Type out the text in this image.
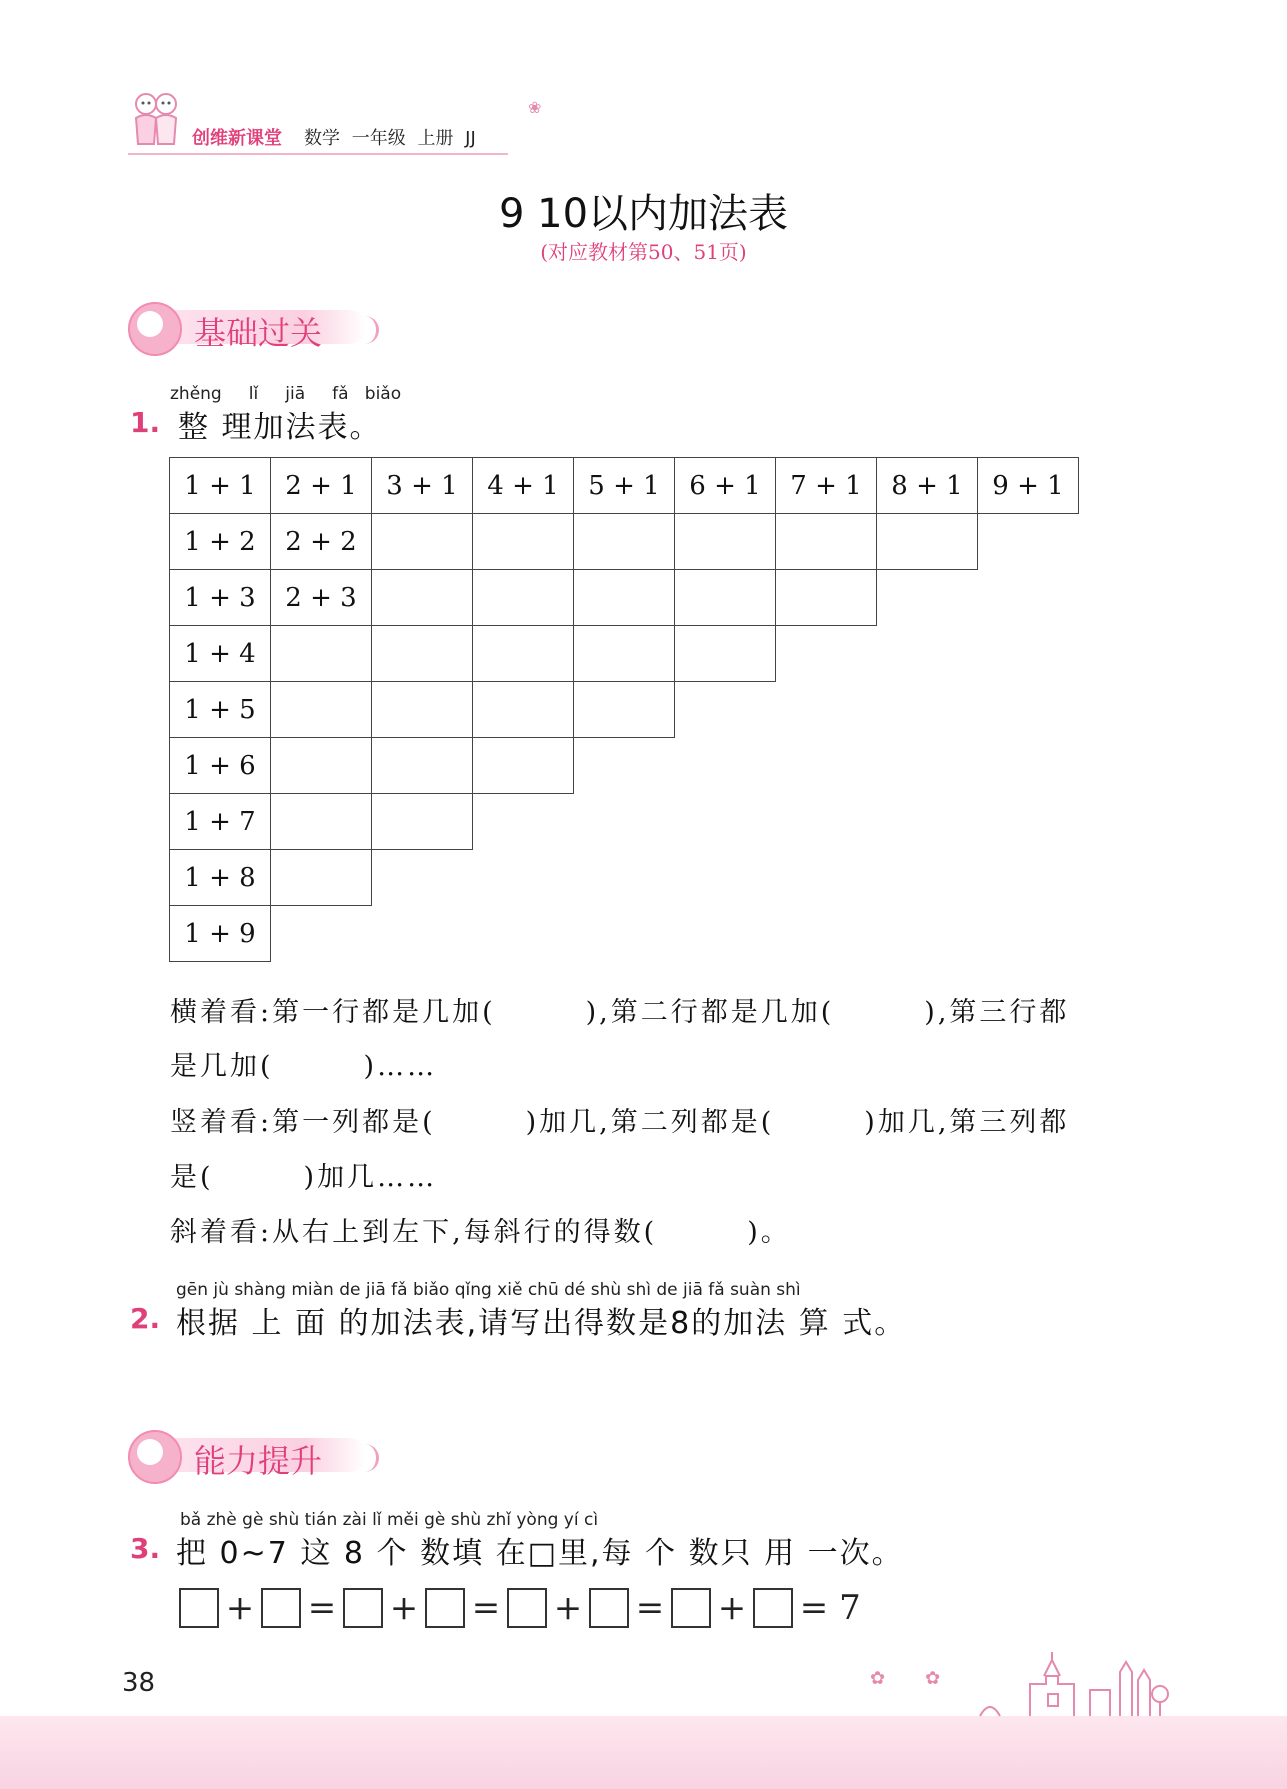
创维新课堂 数学 一年级 上册 JJ
❀
9 10以内加法表
(对应教材第50、51页)
基础过关
zhěng lǐ jiā fǎ biǎo
1. 整 理加法表。
1 + 1	2 + 1	3 + 1	4 + 1	5 + 1	6 + 1	7 + 1	8 + 1	9 + 1
1 + 2	2 + 2							
1 + 3	2 + 3							
1 + 4								
1 + 5								
1 + 6								
1 + 7								
1 + 8								
1 + 9								
横着看:第一行都是几加(　　　),第二行都是几加(　　　),第三行都
是几加(　　　)……
竖着看:第一列都是(　　　)加几,第二列都是(　　　)加几,第三列都
是(　　　)加几……
斜着看:从右上到左下,每斜行的得数(　　　)。
gēn jù shàng miàn de jiā fǎ biǎo qǐng xiě chū dé shù shì de jiā fǎ suàn shì
2. 根据 上 面 的加法表,请写出得数是8的加法 算 式。
能力提升
bǎ zhè gè shù tián zài lǐ měi gè shù zhǐ yòng yí cì
3. 把 0~7 这 8 个 数填 在□里,每 个 数只 用 一次。
+ = + = + = + = 7
38	✿       ✿
